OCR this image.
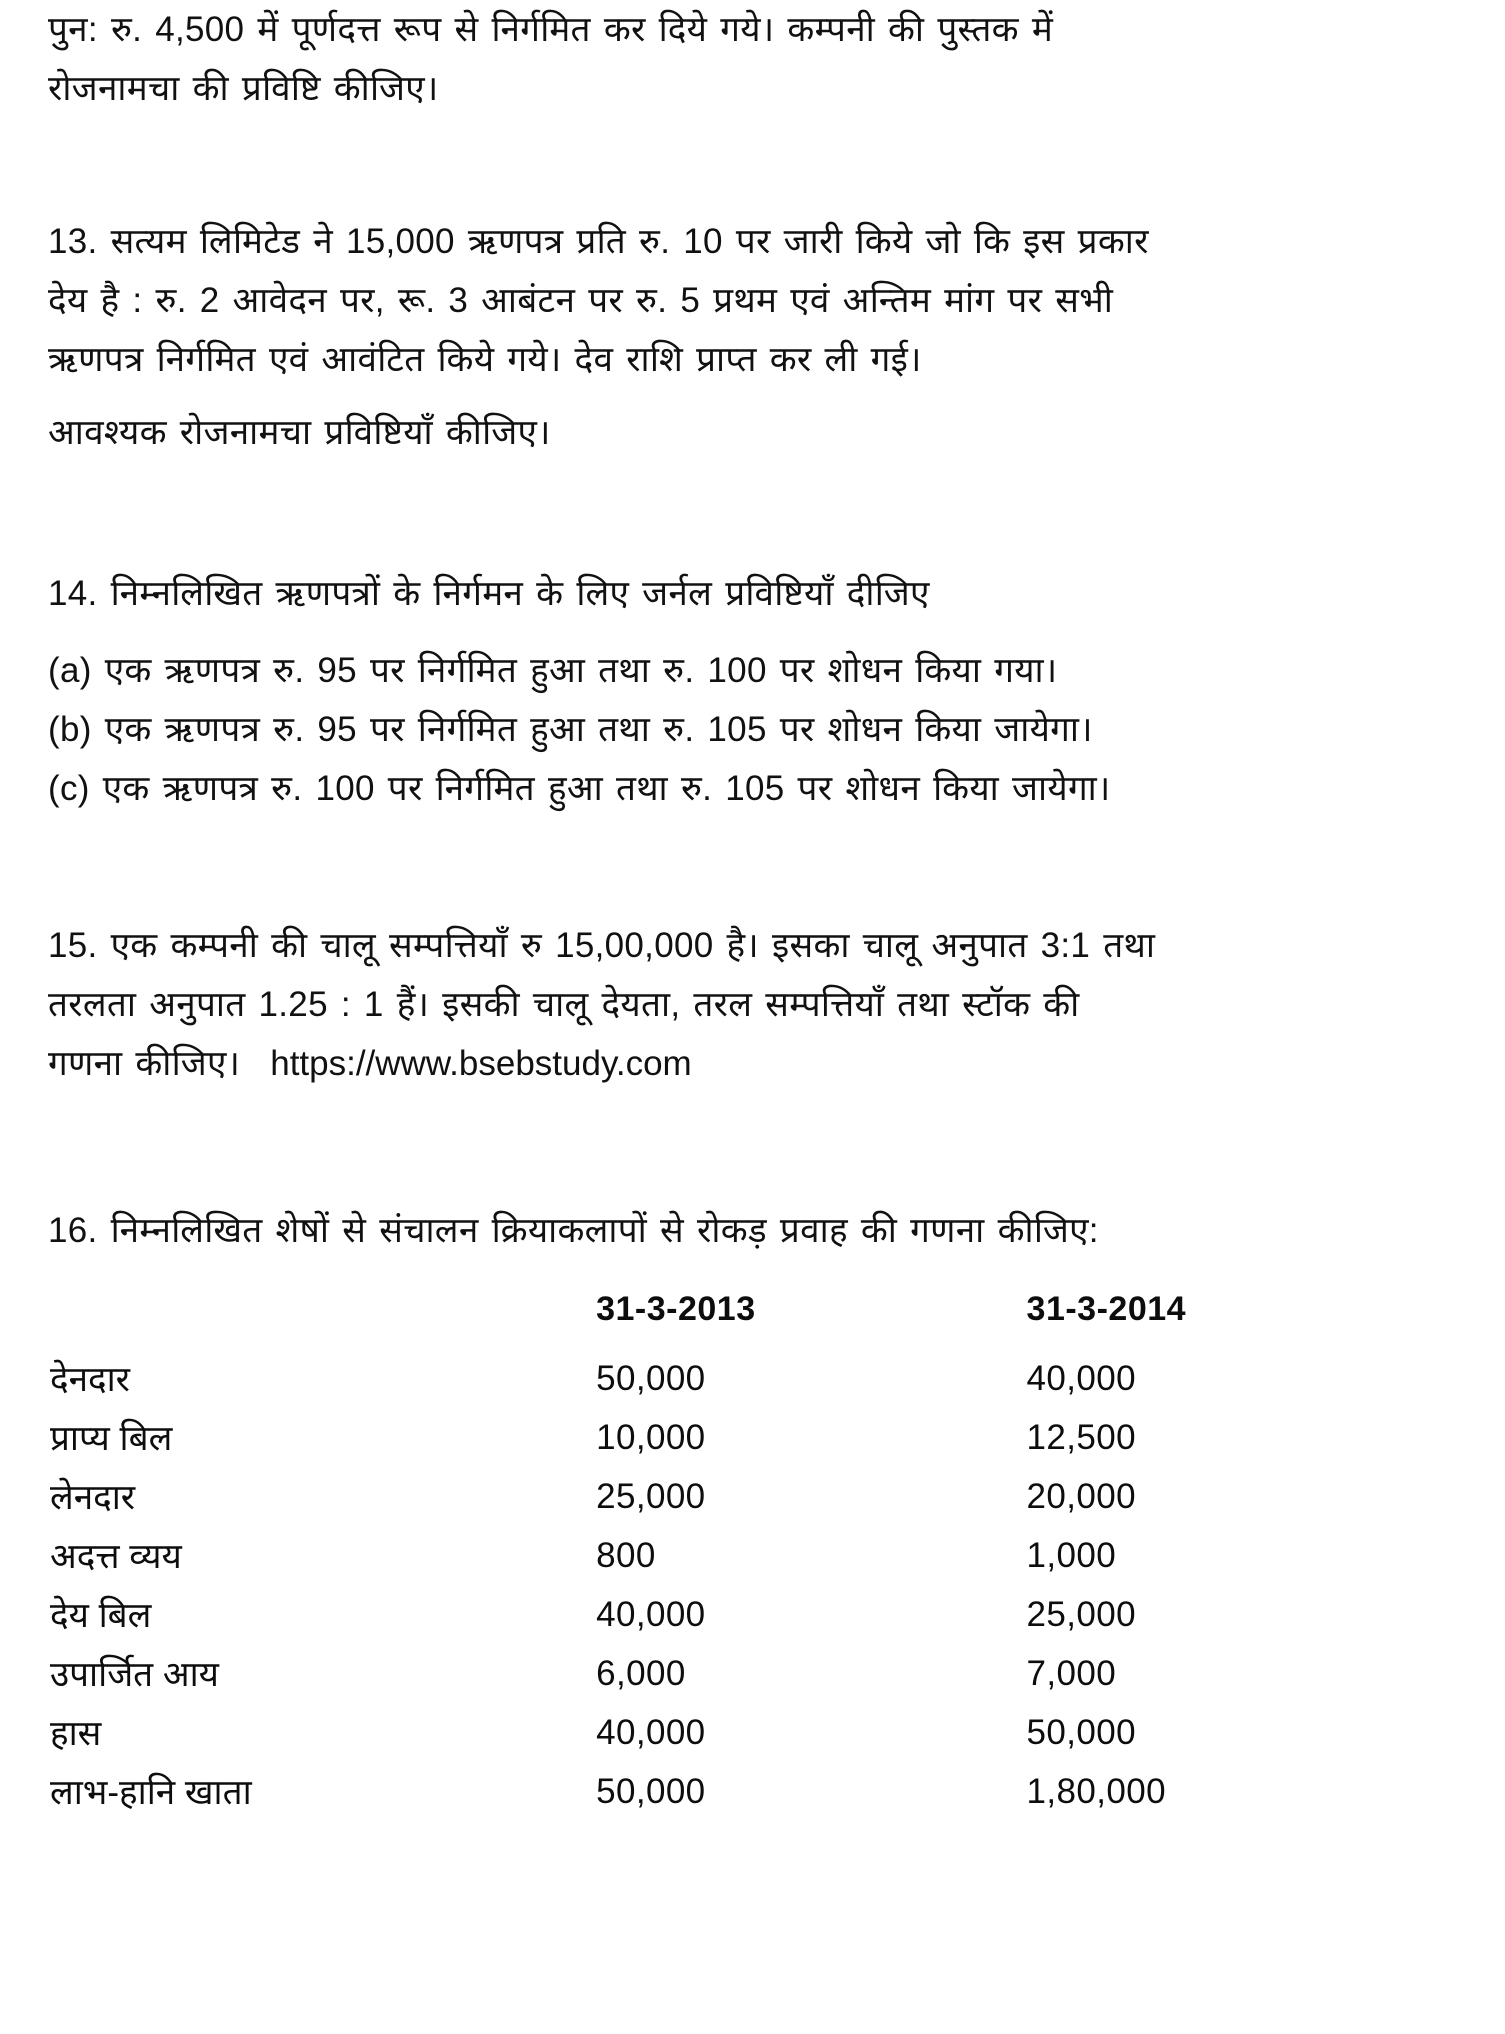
पुन: रु. 4,500 में पूर्णदत्त रूप से निर्गमित कर दिये गये। कम्पनी की पुस्तक में
रोजनामचा की प्रविष्टि कीजिए।
13. सत्यम लिमिटेड ने 15,000 ऋणपत्र प्रति रु. 10 पर जारी किये जो कि इस प्रकार
देय है : रु. 2 आवेदन पर, रू. 3 आबंटन पर रु. 5 प्रथम एवं अन्तिम मांग पर सभी
ऋणपत्र निर्गमित एवं आवंटित किये गये। देव राशि प्राप्त कर ली गई।
आवश्यक रोजनामचा प्रविष्टियाँ कीजिए।
14. निम्नलिखित ऋणपत्रों के निर्गमन के लिए जर्नल प्रविष्टियाँ दीजिए
(a) एक ऋणपत्र रु. 95 पर निर्गमित हुआ तथा रु. 100 पर शोधन किया गया।
(b) एक ऋणपत्र रु. 95 पर निर्गमित हुआ तथा रु. 105 पर शोधन किया जायेगा।
(c) एक ऋणपत्र रु. 100 पर निर्गमित हुआ तथा रु. 105 पर शोधन किया जायेगा।
15. एक कम्पनी की चालू सम्पत्तियाँ रु 15,00,000 है। इसका चालू अनुपात 3:1 तथा
तरलता अनुपात 1.25 : 1 हैं। इसकी चालू देयता, तरल सम्पत्तियाँ तथा स्टॉक की
गणना कीजिए। https://www.bsebstudy.com
16. निम्नलिखित शेषों से संचालन क्रियाकलापों से रोकड़ प्रवाह की गणना कीजिए:
	31-3-2013	31-3-2014
देनदार	50,000	40,000
प्राप्य बिल	10,000	12,500
लेनदार	25,000	20,000
अदत्त व्यय	800	1,000
देय बिल	40,000	25,000
उपार्जित आय	6,000	7,000
हास	40,000	50,000
लाभ-हानि खाता	50,000	1,80,000
